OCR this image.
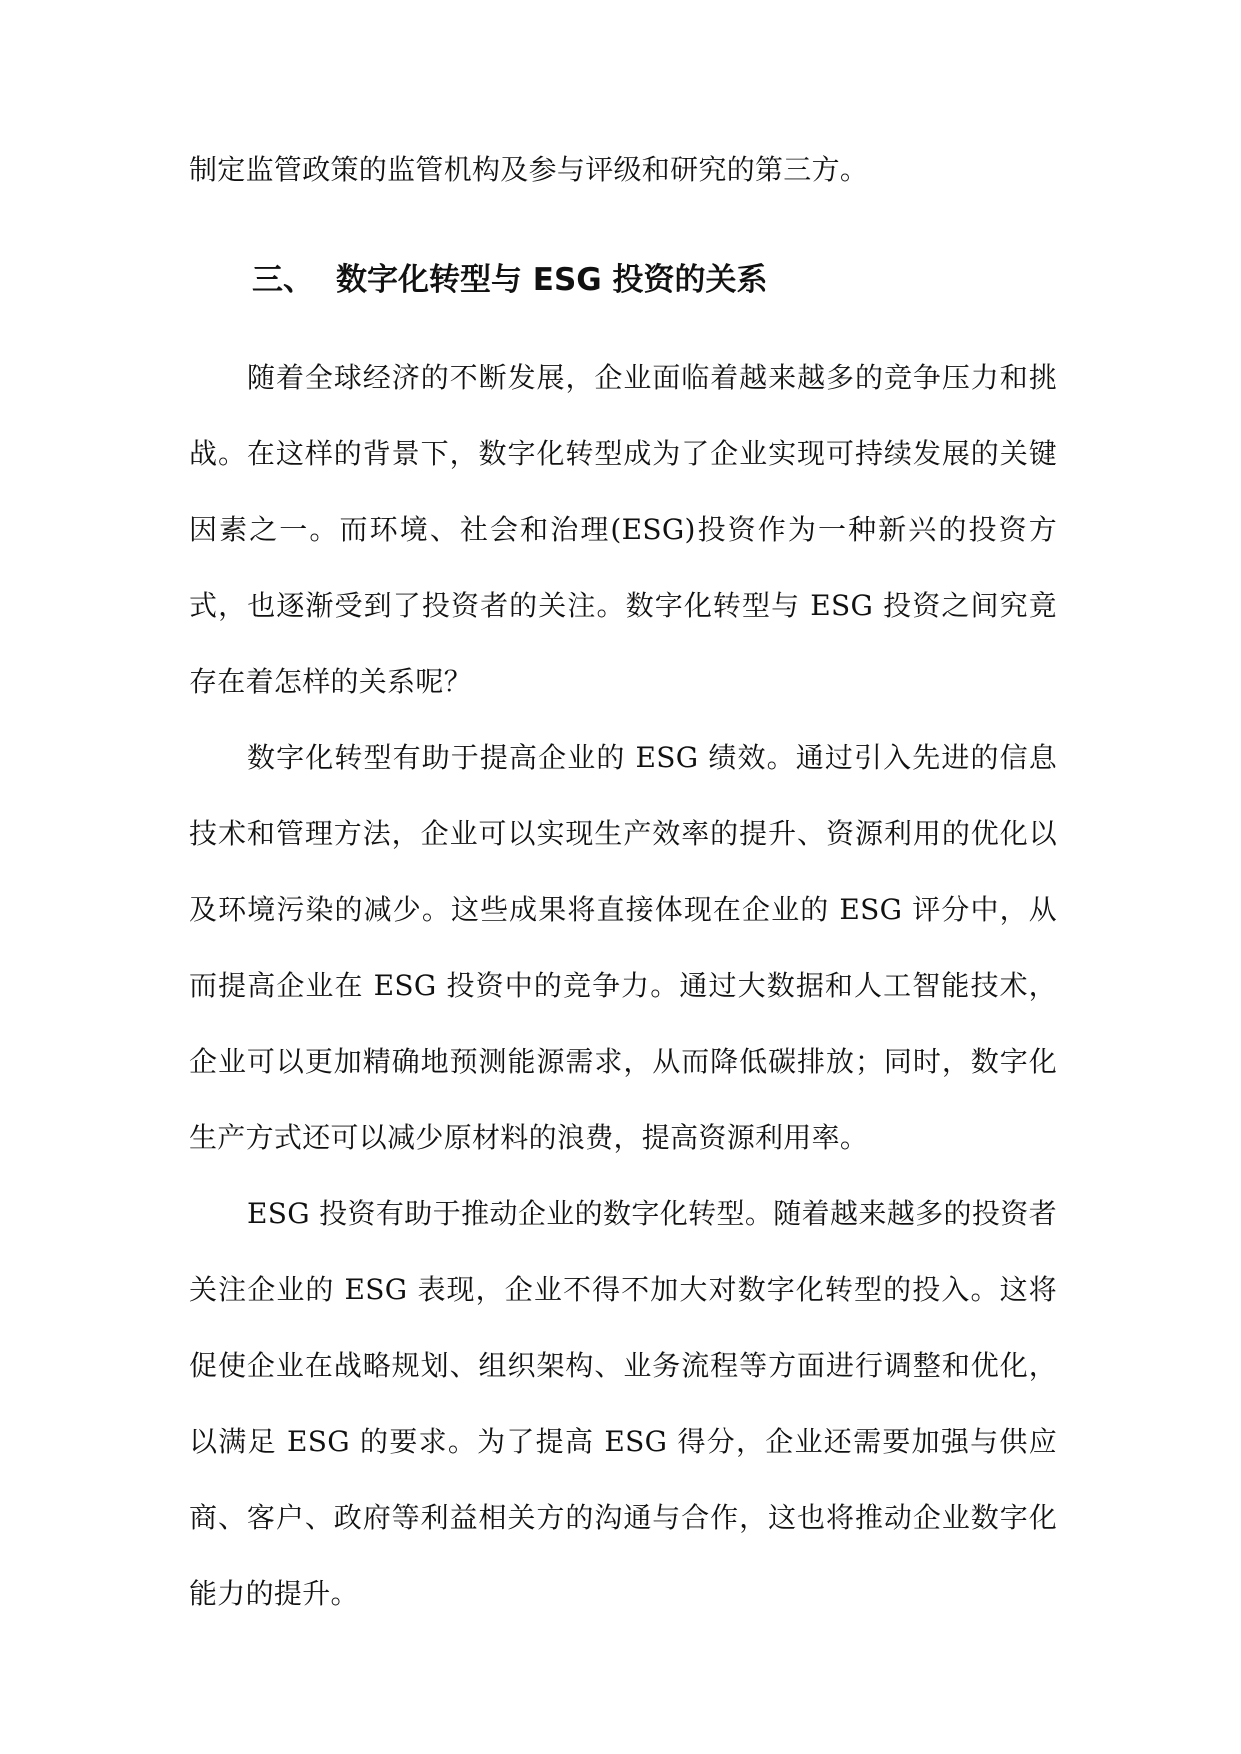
制定监管政策的监管机构及参与评级和研究的第三方。

三、 数字化转型与 ESG 投资的关系

随着全球经济的不断发展，企业面临着越来越多的竞争压力和挑战。在这样的背景下，数字化转型成为了企业实现可持续发展的关键因素之一。而环境、社会和治理(ESG)投资作为一种新兴的投资方式，也逐渐受到了投资者的关注。数字化转型与 ESG 投资之间究竟存在着怎样的关系呢？

数字化转型有助于提高企业的 ESG 绩效。通过引入先进的信息技术和管理方法，企业可以实现生产效率的提升、资源利用的优化以及环境污染的减少。这些成果将直接体现在企业的 ESG 评分中，从而提高企业在 ESG 投资中的竞争力。通过大数据和人工智能技术，企业可以更加精确地预测能源需求，从而降低碳排放；同时，数字化生产方式还可以减少原材料的浪费，提高资源利用率。

ESG 投资有助于推动企业的数字化转型。随着越来越多的投资者关注企业的 ESG 表现，企业不得不加大对数字化转型的投入。这将促使企业在战略规划、组织架构、业务流程等方面进行调整和优化，以满足 ESG 的要求。为了提高 ESG 得分，企业还需要加强与供应商、客户、政府等利益相关方的沟通与合作，这也将推动企业数字化能力的提升。
